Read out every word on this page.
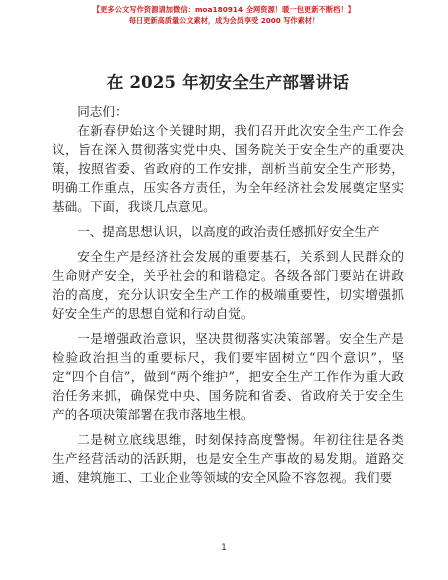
【更多公文写作资源请加微信：moa180914 全网资源！暖一包更新不断档！】
每日更新高质量公文素材，成为会员享受 2000 写作素材！
在 2025 年初安全生产部署讲话
同志们：

在新春伊始这个关键时期，我们召开此次安全生产工作会议，旨在深入贯彻落实党中央、国务院关于安全生产的重要决策，按照省委、省政府的工作安排，剖析当前安全生产形势，明确工作重点，压实各方责任，为全年经济社会发展奠定坚实基础。下面，我谈几点意见。

一、提高思想认识，以高度的政治责任感抓好安全生产

安全生产是经济社会发展的重要基石，关系到人民群众的生命财产安全，关乎社会的和谐稳定。各级各部门要站在讲政治的高度，充分认识安全生产工作的极端重要性，切实增强抓好安全生产的思想自觉和行动自觉。

一是增强政治意识，坚决贯彻落实决策部署。安全生产是检验政治担当的重要标尺，我们要牢固树立“四个意识”，坚定“四个自信”，做到“两个维护”，把安全生产工作作为重大政治任务来抓，确保党中央、国务院和省委、省政府关于安全生产的各项决策部署在我市落地生根。

二是树立底线思维，时刻保持高度警惕。年初往往是各类生产经营活动的活跃期，也是安全生产事故的易发期。道路交通、建筑施工、工业企业等领域的安全风险不容忽视。我们要

1
